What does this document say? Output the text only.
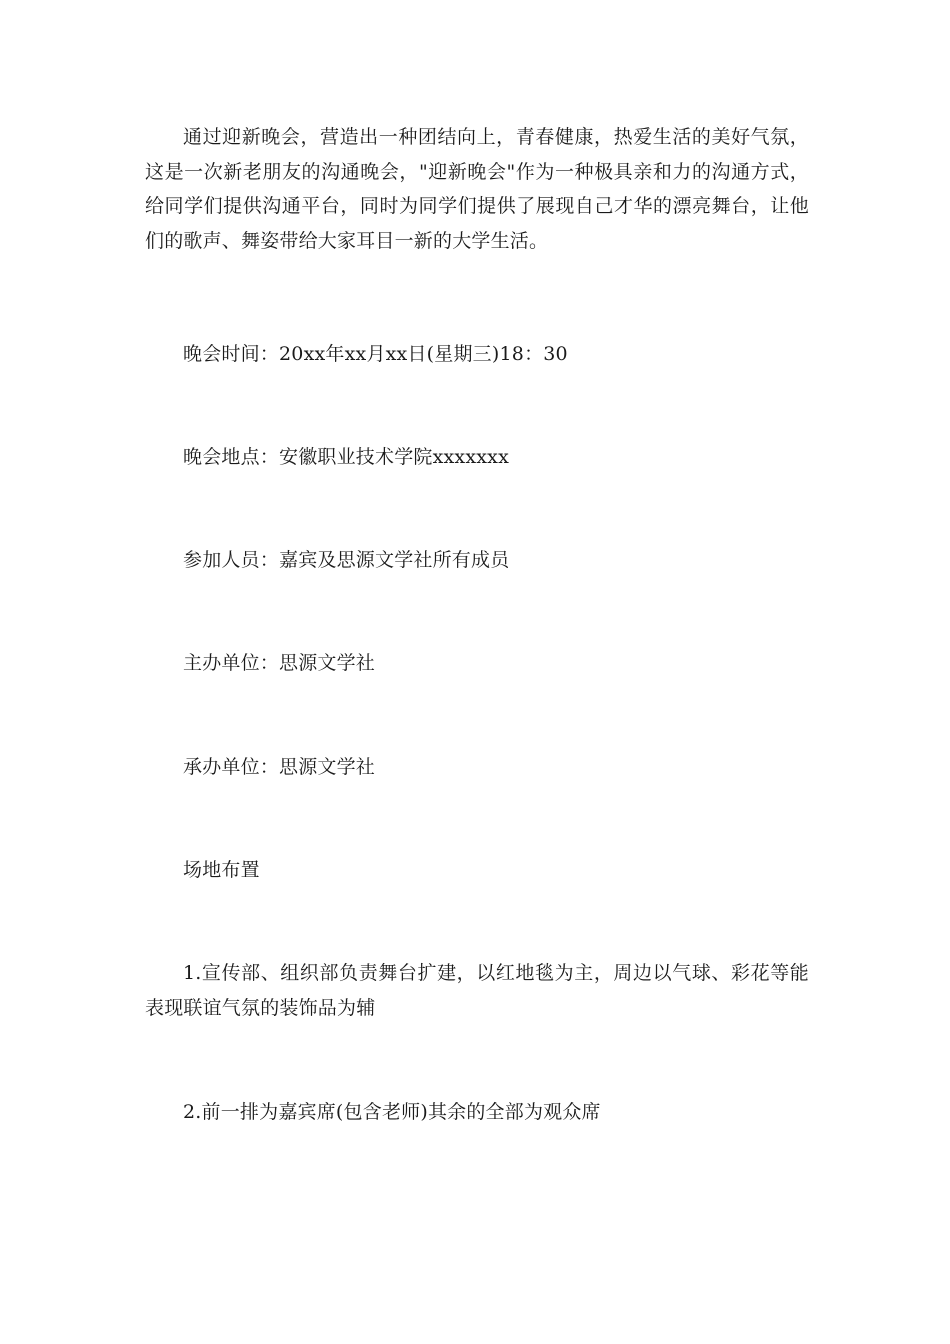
通过迎新晚会，营造出一种团结向上，青春健康，热爱生活的美好气氛，这是一次新老朋友的沟通晚会，"迎新晚会"作为一种极具亲和力的沟通方式，给同学们提供沟通平台，同时为同学们提供了展现自己才华的漂亮舞台，让他们的歌声、舞姿带给大家耳目一新的大学生活。

晚会时间：20xx年xx月xx日(星期三)18：30

晚会地点：安徽职业技术学院xxxxxxx

参加人员：嘉宾及思源文学社所有成员

主办单位：思源文学社

承办单位：思源文学社

场地布置

1.宣传部、组织部负责舞台扩建，以红地毯为主，周边以气球、彩花等能表现联谊气氛的装饰品为辅

2.前一排为嘉宾席(包含老师)其余的全部为观众席
